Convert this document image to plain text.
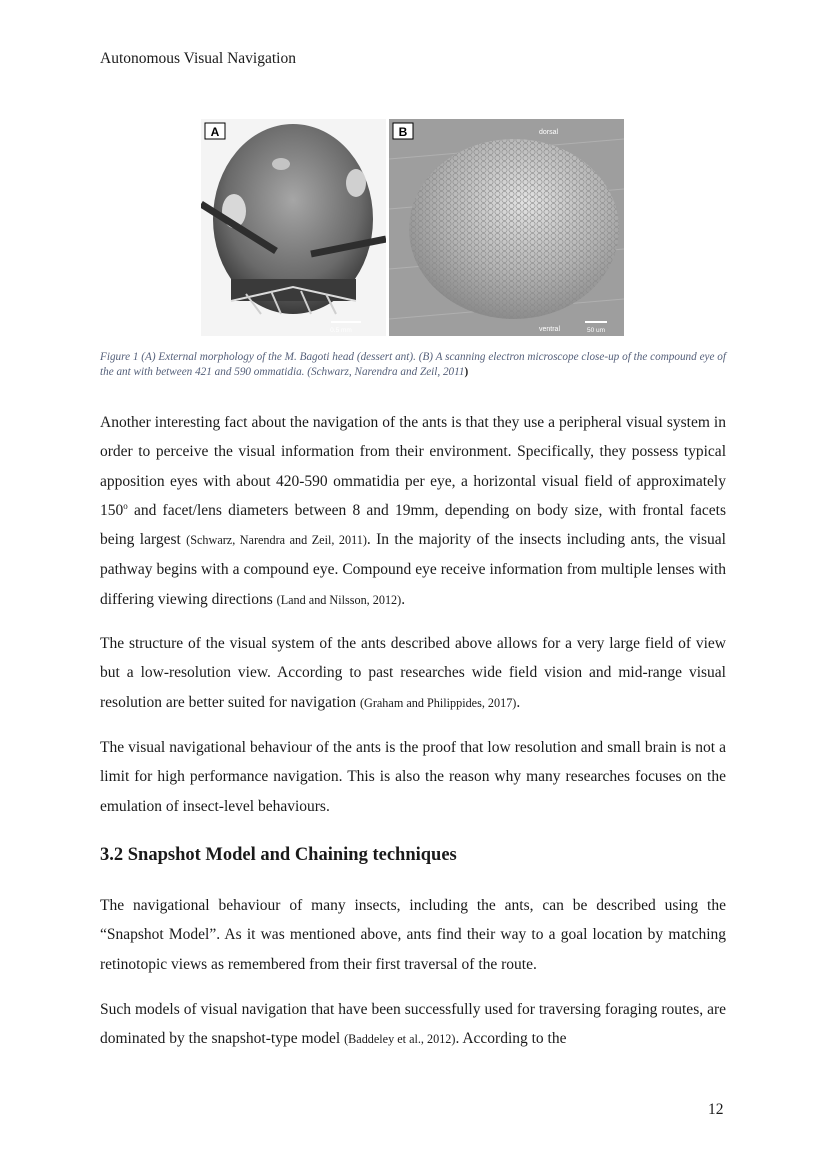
Autonomous Visual Navigation
A
0.5 mm
B	dorsal
ventral	50 um
Figure 1 (A) External morphology of the M. Bagoti head (dessert ant). (B) A scanning electron microscope close-up of the compound eye of the ant with between 421 and 590 ommatidia. (Schwarz, Narendra and Zeil, 2011)

Another interesting fact about the navigation of the ants is that they use a peripheral visual system in order to perceive the visual information from their environment. Specifically, they possess typical apposition eyes with about 420-590 ommatidia per eye, a horizontal visual field of approximately 150$^o$ and facet/lens diameters between 8 and 19mm, depending on body size, with frontal facets being largest (Schwarz, Narendra and Zeil, 2011). In the majority of the insects including ants, the visual pathway begins with a compound eye. Compound eye receive information from multiple lenses with differing viewing directions (Land and Nilsson, 2012).

The structure of the visual system of the ants described above allows for a very large field of view but a low-resolution view. According to past researches wide field vision and mid-range visual resolution are better suited for navigation (Graham and Philippides, 2017).

The visual navigational behaviour of the ants is the proof that low resolution and small brain is not a limit for high performance navigation. This is also the reason why many researches focuses on the emulation of insect-level behaviours.

3.2 Snapshot Model and Chaining techniques

The navigational behaviour of many insects, including the ants, can be described using the “Snapshot Model”. As it was mentioned above, ants find their way to a goal location by matching retinotopic views as remembered from their first traversal of the route.

Such models of visual navigation that have been successfully used for traversing foraging routes, are dominated by the snapshot-type model (Baddeley et al., 2012). According to the

12
